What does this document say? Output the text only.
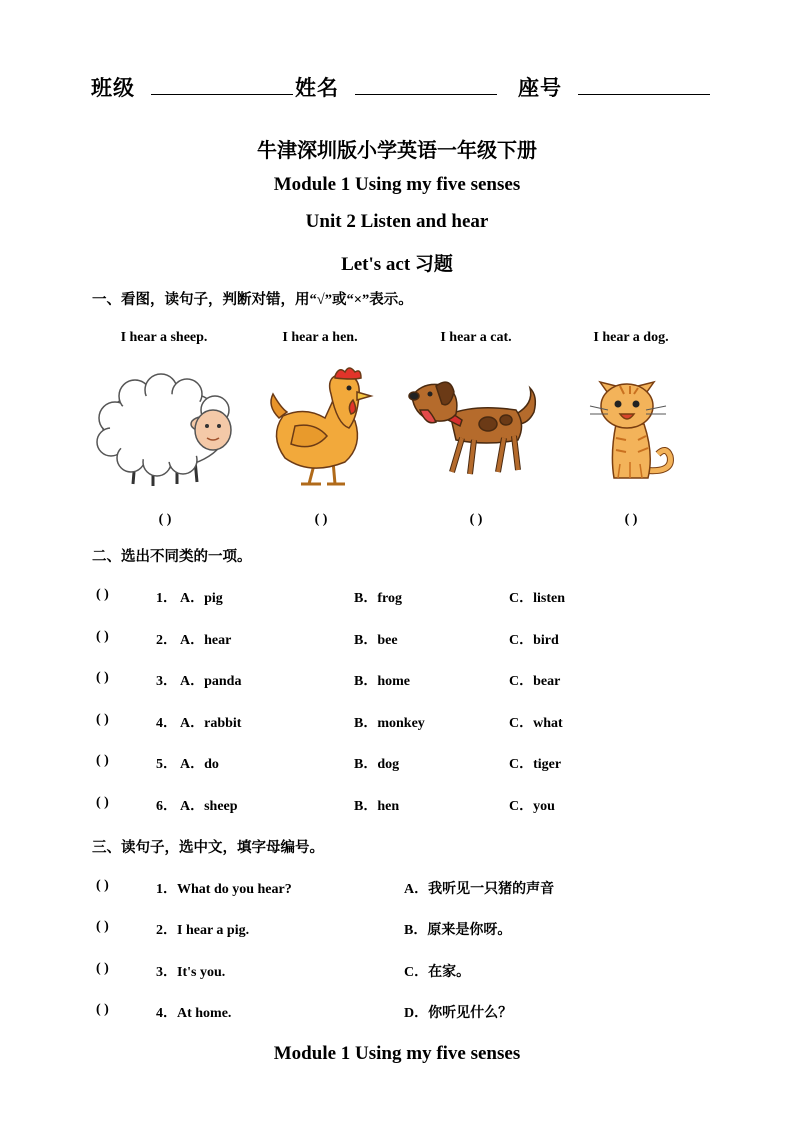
班级	姓名	座号
牛津深圳版小学英语一年级下册
Module 1 Using my five senses
Unit 2 Listen and hear
Let's act 习题
一、看图，读句子，判断对错，用“√”或“×”表示。
I hear a sheep.	I hear a hen.	I hear a cat.	I hear a dog.
( )	( )	( )	( )
二、选出不同类的一项。
( )	1． A．pig	B．frog	C．listen
( )	2． A．hear	B．bee	C．bird
( )	3． A．panda	B．home	C．bear
( )	4． A．rabbit	B．monkey	C．what
( )	5． A．do	B．dog	C．tiger
( )	6． A．sheep	B．hen	C．you
三、读句子，选中文，填字母编号。
( )	1．What do you hear?	A．我听见一只猪的声音
( )	2．I hear a pig.	B．原来是你呀。
( )	3．It's you.	C．在家。
( )	4．At home.	D．你听见什么？
Module 1 Using my five senses
